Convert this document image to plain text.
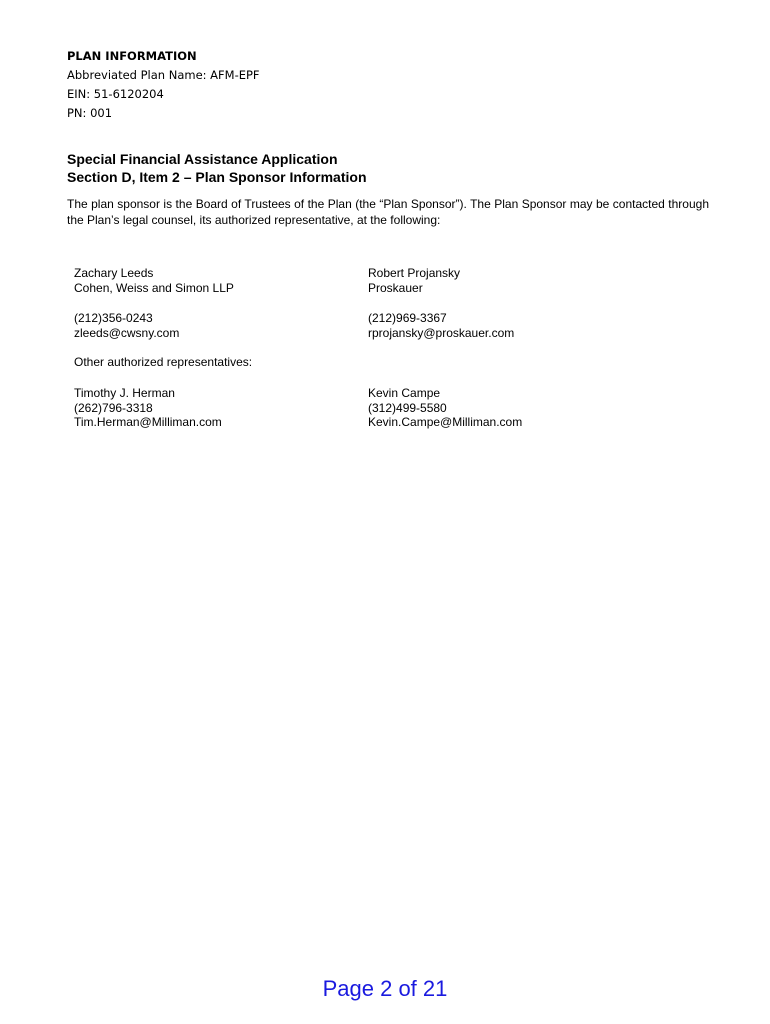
PLAN INFORMATION
Abbreviated Plan Name: AFM-EPF
EIN: 51-6120204
PN: 001
Special Financial Assistance Application
Section D, Item 2 – Plan Sponsor Information
The plan sponsor is the Board of Trustees of the Plan (the “Plan Sponsor”). The Plan Sponsor may be contacted through the Plan’s legal counsel, its authorized representative, at the following:
Zachary Leeds
Cohen, Weiss and Simon LLP
Robert Projansky
Proskauer
(212)356-0243
zleeds@cwsny.com
(212)969-3367
rprojansky@proskauer.com
Other authorized representatives:
Timothy J. Herman
(262)796-3318
Tim.Herman@Milliman.com
Kevin Campe
(312)499-5580
Kevin.Campe@Milliman.com
Page 2 of 21
